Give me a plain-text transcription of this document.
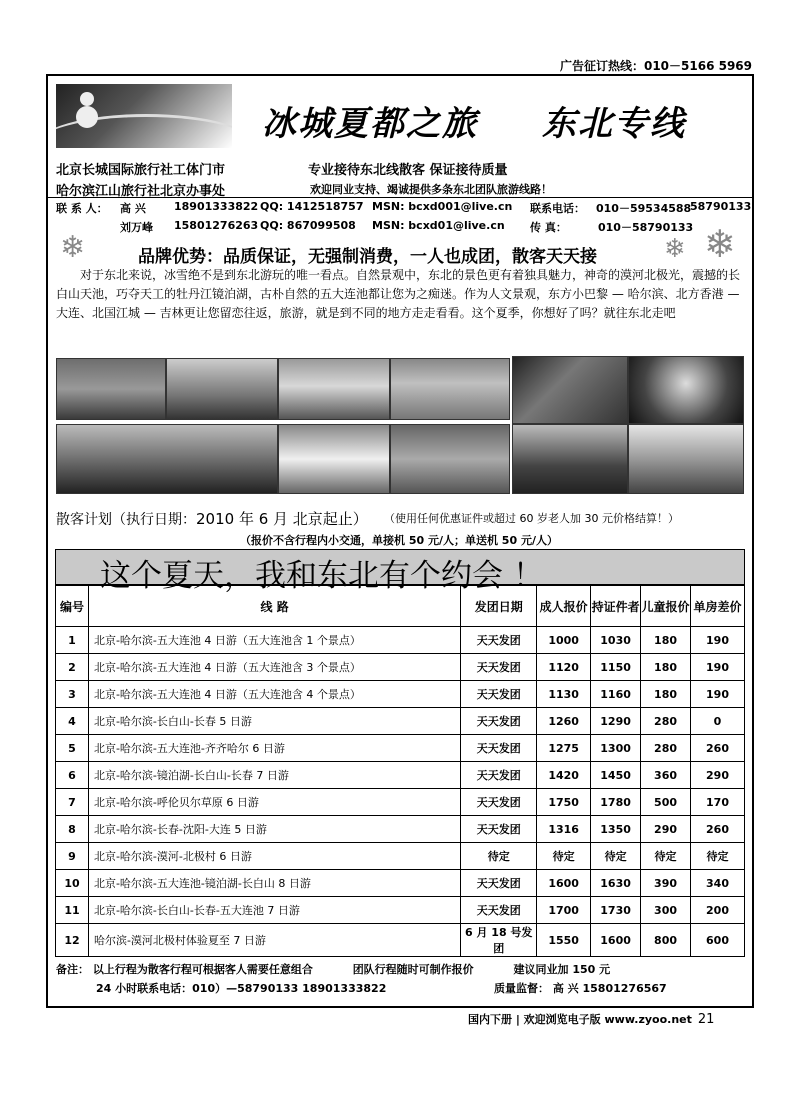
广告征订热线：010－5166 5969
冰城夏都之旅 东北专线
北京长城国际旅行社工体门市	专业接待东北线散客 保证接待质量
哈尔滨江山旅行社北京办事处	欢迎同业支持、竭诚提供多条东北团队旅游线路！
联 系 人： 高 兴	18901333822 QQ: 1412518757 MSN: bcxd001@live.cn 联系电话： 010－59534588
58790133
刘万峰 15801276263 QQ: 867099508 MSN: bcxd01@live.cn 传 真：	010－58790133
❄	❄ ❄
品牌优势：品质保证，无强制消费，一人也成团，散客天天接
对于东北来说，冰雪绝不是到东北游玩的唯一看点。自然景观中，东北的景色更有着独具魅力，神奇的漠河北极光，震撼的长白山天池，巧夺天工的牡丹江镜泊湖，古朴自然的五大连池都让您为之痴迷。作为人文景观，东方小巴黎 — 哈尔滨、北方香港 — 大连、北国江城 — 吉林更让您留恋往返，旅游，就是到不同的地方走走看看。这个夏季，你想好了吗？就往东北走吧
散客计划（执行日期：2010 年 6 月 北京起止） （使用任何优惠证件或超过 60 岁老人加 30 元价格结算！）
（报价不含行程内小交通，单接机 50 元/人；单送机 50 元/人）
这个夏天，我和东北有个约会 ！
编号	线 路	发团日期	成人报价	持证件者	儿童报价	单房差价
1	北京-哈尔滨-五大连池 4 日游（五大连池含 1 个景点）	天天发团	1000	1030	180	190
2	北京-哈尔滨-五大连池 4 日游（五大连池含 3 个景点）	天天发团	1120	1150	180	190
3	北京-哈尔滨-五大连池 4 日游（五大连池含 4 个景点）	天天发团	1130	1160	180	190
4	北京-哈尔滨-长白山-长春 5 日游	天天发团	1260	1290	280	0
5	北京-哈尔滨-五大连池-齐齐哈尔 6 日游	天天发团	1275	1300	280	260
6	北京-哈尔滨-镜泊湖-长白山-长春 7 日游	天天发团	1420	1450	360	290
7	北京-哈尔滨-呼伦贝尔草原 6 日游	天天发团	1750	1780	500	170
8	北京-哈尔滨-长春-沈阳-大连 5 日游	天天发团	1316	1350	290	260
9	北京-哈尔滨-漠河-北极村 6 日游	待定	待定	待定	待定	待定
10	北京-哈尔滨-五大连池-镜泊湖-长白山 8 日游	天天发团	1600	1630	390	340
11	北京-哈尔滨-长白山-长春-五大连池 7 日游	天天发团	1700	1730	300	200
12	哈尔滨-漠河北极村体验夏至 7 日游	6 月 18 号发团	1550	1600	800	600
备注： 以上行程为散客行程可根据客人需要任意组合	团队行程随时可制作报价	建议同业加 150 元
24 小时联系电话：010）—58790133 18901333822	质量监督： 高 兴 15801276567
国内下册 | 欢迎浏览电子版 www.zyoo.net 21
